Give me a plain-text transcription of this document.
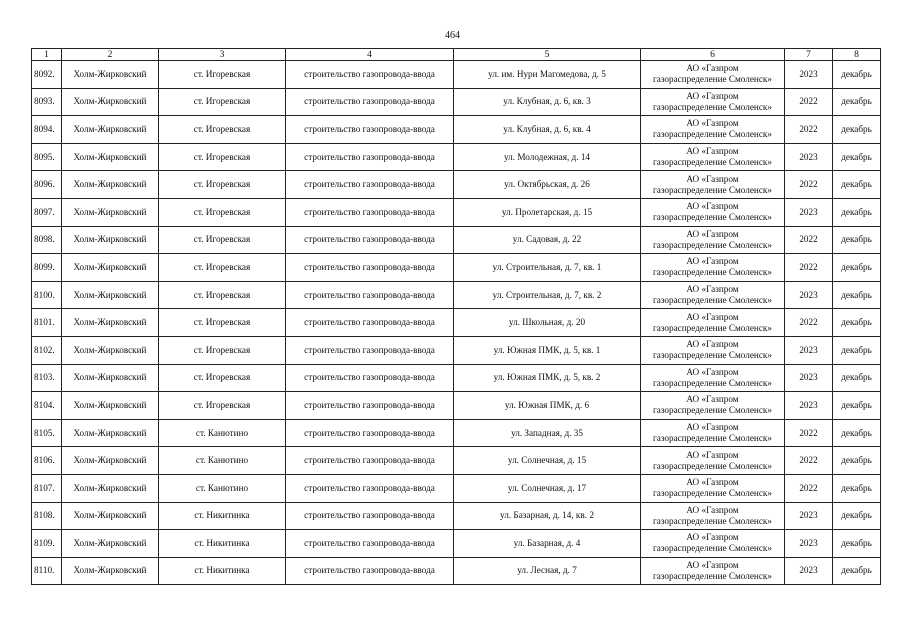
464
1	2	3	4	5	6	7	8
8092.	Холм-Жирковский	ст. Игоревская	строительство газопровода-ввода	ул. им. Нури Магомедова, д. 5	АО «Газпром
газораспределение Смоленск»	2023	декабрь
8093.	Холм-Жирковский	ст. Игоревская	строительство газопровода-ввода	ул. Клубная, д. 6, кв. 3	АО «Газпром
газораспределение Смоленск»	2022	декабрь
8094.	Холм-Жирковский	ст. Игоревская	строительство газопровода-ввода	ул. Клубная, д. 6, кв. 4	АО «Газпром
газораспределение Смоленск»	2022	декабрь
8095.	Холм-Жирковский	ст. Игоревская	строительство газопровода-ввода	ул. Молодежная, д. 14	АО «Газпром
газораспределение Смоленск»	2023	декабрь
8096.	Холм-Жирковский	ст. Игоревская	строительство газопровода-ввода	ул. Октябрьская, д. 26	АО «Газпром
газораспределение Смоленск»	2022	декабрь
8097.	Холм-Жирковский	ст. Игоревская	строительство газопровода-ввода	ул. Пролетарская, д. 15	АО «Газпром
газораспределение Смоленск»	2023	декабрь
8098.	Холм-Жирковский	ст. Игоревская	строительство газопровода-ввода	ул. Садовая, д. 22	АО «Газпром
газораспределение Смоленск»	2022	декабрь
8099.	Холм-Жирковский	ст. Игоревская	строительство газопровода-ввода	ул. Строительная, д. 7, кв. 1	АО «Газпром
газораспределение Смоленск»	2022	декабрь
8100.	Холм-Жирковский	ст. Игоревская	строительство газопровода-ввода	ул. Строительная, д. 7, кв. 2	АО «Газпром
газораспределение Смоленск»	2023	декабрь
8101.	Холм-Жирковский	ст. Игоревская	строительство газопровода-ввода	ул. Школьная, д. 20	АО «Газпром
газораспределение Смоленск»	2022	декабрь
8102.	Холм-Жирковский	ст. Игоревская	строительство газопровода-ввода	ул. Южная ПМК, д. 5, кв. 1	АО «Газпром
газораспределение Смоленск»	2023	декабрь
8103.	Холм-Жирковский	ст. Игоревская	строительство газопровода-ввода	ул. Южная ПМК, д. 5, кв. 2	АО «Газпром
газораспределение Смоленск»	2023	декабрь
8104.	Холм-Жирковский	ст. Игоревская	строительство газопровода-ввода	ул. Южная ПМК, д. 6	АО «Газпром
газораспределение Смоленск»	2023	декабрь
8105.	Холм-Жирковский	ст. Канютино	строительство газопровода-ввода	ул. Западная, д. 35	АО «Газпром
газораспределение Смоленск»	2022	декабрь
8106.	Холм-Жирковский	ст. Канютино	строительство газопровода-ввода	ул. Солнечная, д. 15	АО «Газпром
газораспределение Смоленск»	2022	декабрь
8107.	Холм-Жирковский	ст. Канютино	строительство газопровода-ввода	ул. Солнечная, д. 17	АО «Газпром
газораспределение Смоленск»	2022	декабрь
8108.	Холм-Жирковский	ст. Никитинка	строительство газопровода-ввода	ул. Базарная, д. 14, кв. 2	АО «Газпром
газораспределение Смоленск»	2023	декабрь
8109.	Холм-Жирковский	ст. Никитинка	строительство газопровода-ввода	ул. Базарная, д. 4	АО «Газпром
газораспределение Смоленск»	2023	декабрь
8110.	Холм-Жирковский	ст. Никитинка	строительство газопровода-ввода	ул. Лесная, д. 7	АО «Газпром
газораспределение Смоленск»	2023	декабрь
